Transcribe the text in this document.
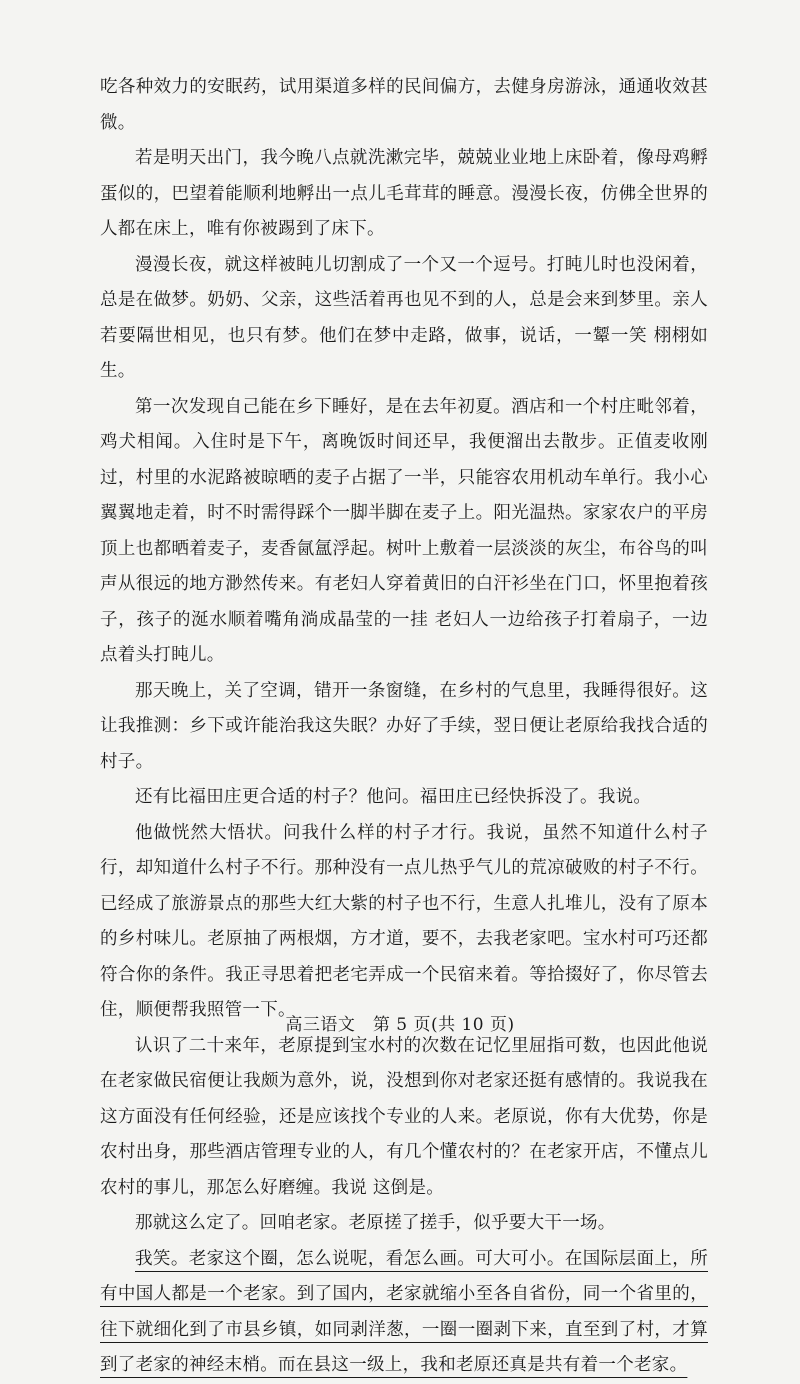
吃各种效力的安眠药，试用渠道多样的民间偏方，去健身房游泳，通通收效甚微。

若是明天出门，我今晚八点就洗漱完毕，兢兢业业地上床卧着，像母鸡孵蛋似的，巴望着能顺利地孵出一点儿毛茸茸的睡意。漫漫长夜，仿佛全世界的人都在床上，唯有你被踢到了床下。

漫漫长夜，就这样被盹儿切割成了一个又一个逗号。打盹儿时也没闲着，总是在做梦。奶奶、父亲，这些活着再也见不到的人，总是会来到梦里。亲人若要隔世相见，也只有梦。他们在梦中走路，做事，说话，一颦一笑 栩栩如生。

第一次发现自己能在乡下睡好，是在去年初夏。酒店和一个村庄毗邻着，鸡犬相闻。入住时是下午，离晚饭时间还早，我便溜出去散步。正值麦收刚过，村里的水泥路被晾晒的麦子占据了一半，只能容农用机动车单行。我小心翼翼地走着，时不时需得踩个一脚半脚在麦子上。阳光温热。家家农户的平房顶上也都晒着麦子，麦香氤氲浮起。树叶上敷着一层淡淡的灰尘，布谷鸟的叫声从很远的地方渺然传来。有老妇人穿着黄旧的白汗衫坐在门口，怀里抱着孩子，孩子的涎水顺着嘴角淌成晶莹的一挂 老妇人一边给孩子打着扇子，一边点着头打盹儿。

那天晚上，关了空调，错开一条窗缝，在乡村的气息里，我睡得很好。这让我推测：乡下或许能治我这失眠？办好了手续，翌日便让老原给我找合适的村子。

还有比福田庄更合适的村子？他问。福田庄已经快拆没了。我说。

他做恍然大悟状。问我什么样的村子才行。我说，虽然不知道什么村子行，却知道什么村子不行。那种没有一点儿热乎气儿的荒凉破败的村子不行。已经成了旅游景点的那些大红大紫的村子也不行，生意人扎堆儿，没有了原本的乡村味儿。老原抽了两根烟，方才道，要不，去我老家吧。宝水村可巧还都符合你的条件。我正寻思着把老宅弄成一个民宿来着。等拾掇好了，你尽管去住，顺便帮我照管一下。

认识了二十来年，老原提到宝水村的次数在记忆里屈指可数，也因此他说在老家做民宿便让我颇为意外，说，没想到你对老家还挺有感情的。我说我在这方面没有任何经验，还是应该找个专业的人来。老原说，你有大优势，你是农村出身，那些酒店管理专业的人，有几个懂农村的？在老家开店，不懂点儿农村的事儿，那怎么好磨缠。我说 这倒是。

那就这么定了。回咱老家。老原搓了搓手，似乎要大干一场。

我笑。老家这个圈，怎么说呢，看怎么画。可大可小。在国际层面上，所有中国人都是一个老家。到了国内，老家就缩小至各自省份，同一个省里的，往下就细化到了市县乡镇，如同剥洋葱，一圈一圈剥下来，直至到了村，才算到了老家的神经末梢。而在县这一级上，我和老原还真是共有着一个老家。

高三语文　第 5 页(共 10 页)
